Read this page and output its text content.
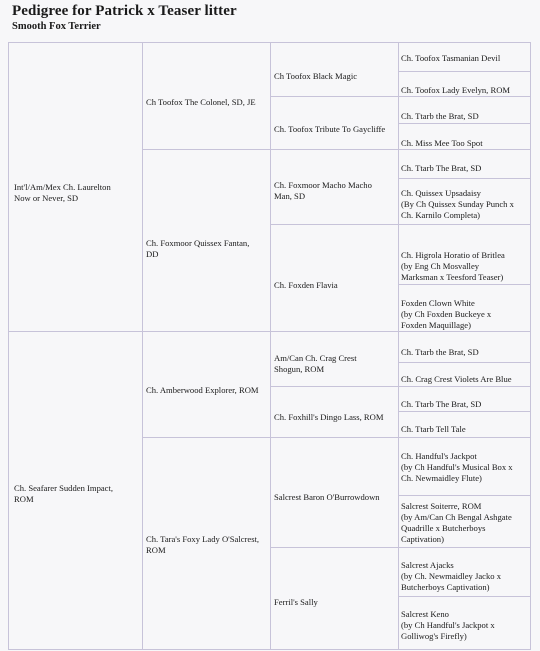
Pedigree for Patrick x Teaser litter
Smooth Fox Terrier
Int'l/Am/Mex Ch. Laurelton
Now or Never, SD
Ch. Seafarer Sudden Impact,
ROM
Ch Toofox The Colonel, SD, JE
Ch. Foxmoor Quissex Fantan,
DD
Ch. Amberwood Explorer, ROM
Ch. Tara's Foxy Lady O'Salcrest,
ROM
Ch Toofox Black Magic
Ch. Toofox Tribute To Gaycliffe
Ch. Foxmoor Macho Macho
Man, SD
Ch. Foxden Flavia
Am/Can Ch. Crag Crest
Shogun, ROM
Ch. Foxhill's Dingo Lass, ROM
Salcrest Baron O'Burrowdown
Ferril's Sally
Ch. Toofox Tasmanian Devil
Ch. Toofox Lady Evelyn, ROM
Ch. Ttarb the Brat, SD
Ch. Miss Mee Too Spot
Ch. Ttarb The Brat, SD
Ch. Quissex Upsadaisy
(By Ch Quissex Sunday Punch x
Ch. Karnilo Completa)
Ch. Higrola Horatio of Britlea
(by Eng Ch Mosvalley
Marksman x Teesford Teaser)
Foxden Clown White
(by Ch Foxden Buckeye x
Foxden Maquillage)
Ch. Ttarb the Brat, SD
Ch. Crag Crest Violets Are Blue
Ch. Ttarb The Brat, SD
Ch. Ttarb Tell Tale
Ch. Handful's Jackpot
(by Ch Handful's Musical Box x
Ch. Newmaidley Flute)
Salcrest Soiterre, ROM
(by Am/Can Ch Bengal Ashgate
Quadrille x Butcherboys
Captivation)
Salcrest Ajacks
(by Ch. Newmaidley Jacko x
Butcherboys Captivation)
Salcrest Keno
(by Ch Handful's Jackpot x
Golliwog's Firefly)
